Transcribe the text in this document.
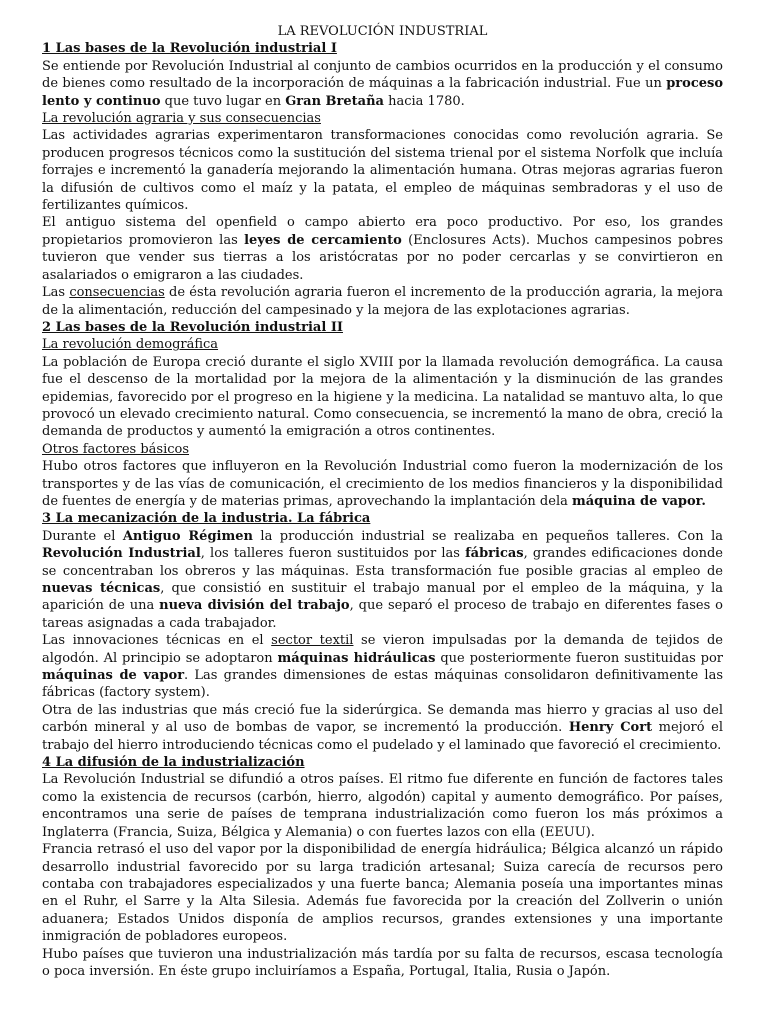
LA REVOLUCIÓN INDUSTRIAL

1 Las bases de la Revolución industrial I

Se entiende por Revolución Industrial al conjunto de cambios ocurridos en la producción y el consumo de bienes como resultado de la incorporación de máquinas a la fabricación industrial. Fue un proceso lento y continuo que tuvo lugar en Gran Bretaña hacia 1780.

La revolución agraria y sus consecuencias

Las actividades agrarias experimentaron transformaciones conocidas como revolución agraria. Se producen progresos técnicos como la sustitución del sistema trienal por el sistema Norfolk que incluía forrajes e incrementó la ganadería mejorando la alimentación humana. Otras mejoras agrarias fueron la difusión de cultivos como el maíz y la patata, el empleo de máquinas sembradoras y el uso de fertilizantes químicos.

El antiguo sistema del openfield o campo abierto era poco productivo. Por eso, los grandes propietarios promovieron las leyes de cercamiento (Enclosures Acts). Muchos campesinos pobres tuvieron que vender sus tierras a los aristócratas por no poder cercarlas y se convirtieron en asalariados o emigraron a las ciudades.

Las consecuencias de ésta revolución agraria fueron el incremento de la producción agraria, la mejora de la alimentación, reducción del campesinado y la mejora de las explotaciones agrarias.

2 Las bases de la Revolución industrial II

La revolución demográfica

La población de Europa creció durante el siglo XVIII por la llamada revolución demográfica. La causa fue el descenso de la mortalidad por la mejora de la alimentación y la disminución de las grandes epidemias, favorecido por el progreso en la higiene y la medicina. La natalidad se mantuvo alta, lo que provocó un elevado crecimiento natural. Como consecuencia, se incrementó la mano de obra, creció la demanda de productos y aumentó la emigración a otros continentes.

Otros factores básicos

Hubo otros factores que influyeron en la Revolución Industrial como fueron la modernización de los transportes y de las vías de comunicación, el crecimiento de los medios financieros y la disponibilidad de fuentes de energía y de materias primas, aprovechando la implantación dela máquina de vapor.

3 La mecanización de la industria. La fábrica

Durante el Antiguo Régimen la producción industrial se realizaba en pequeños talleres. Con la Revolución Industrial, los talleres fueron sustituidos por las fábricas, grandes edificaciones donde se concentraban los obreros y las máquinas. Esta transformación fue posible gracias al empleo de nuevas técnicas, que consistió en sustituir el trabajo manual por el empleo de la máquina, y la aparición de una nueva división del trabajo, que separó el proceso de trabajo en diferentes fases o tareas asignadas a cada trabajador.

Las innovaciones técnicas en el sector textil se vieron impulsadas por la demanda de tejidos de algodón. Al principio se adoptaron máquinas hidráulicas que posteriormente fueron sustituidas por máquinas de vapor. Las grandes dimensiones de estas máquinas consolidaron definitivamente las fábricas (factory system).

Otra de las industrias que más creció fue la siderúrgica. Se demanda mas hierro y gracias al uso del carbón mineral y al uso de bombas de vapor, se incrementó la producción. Henry Cort mejoró el trabajo del hierro introduciendo técnicas como el pudelado y el laminado que favoreció el crecimiento.

4 La difusión de la industrialización

La Revolución Industrial se difundió a otros países. El ritmo fue diferente en función de factores tales como la existencia de recursos (carbón, hierro, algodón) capital y aumento demográfico. Por países, encontramos una serie de países de temprana industrialización como fueron los más próximos a Inglaterra (Francia, Suiza, Bélgica y Alemania) o con fuertes lazos con ella (EEUU).

Francia retrasó el uso del vapor por la disponibilidad de energía hidráulica; Bélgica alcanzó un rápido desarrollo industrial favorecido por su larga tradición artesanal; Suiza carecía de recursos pero contaba con trabajadores especializados y una fuerte banca; Alemania poseía una importantes minas en el Ruhr, el Sarre y la Alta Silesia. Además fue favorecida por la creación del Zollverin o unión aduanera; Estados Unidos disponía de amplios recursos, grandes extensiones y una importante inmigración de pobladores europeos.

Hubo países que tuvieron una industrialización más tardía por su falta de recursos, escasa tecnología o poca inversión. En éste grupo incluiríamos a España, Portugal, Italia, Rusia o Japón.
